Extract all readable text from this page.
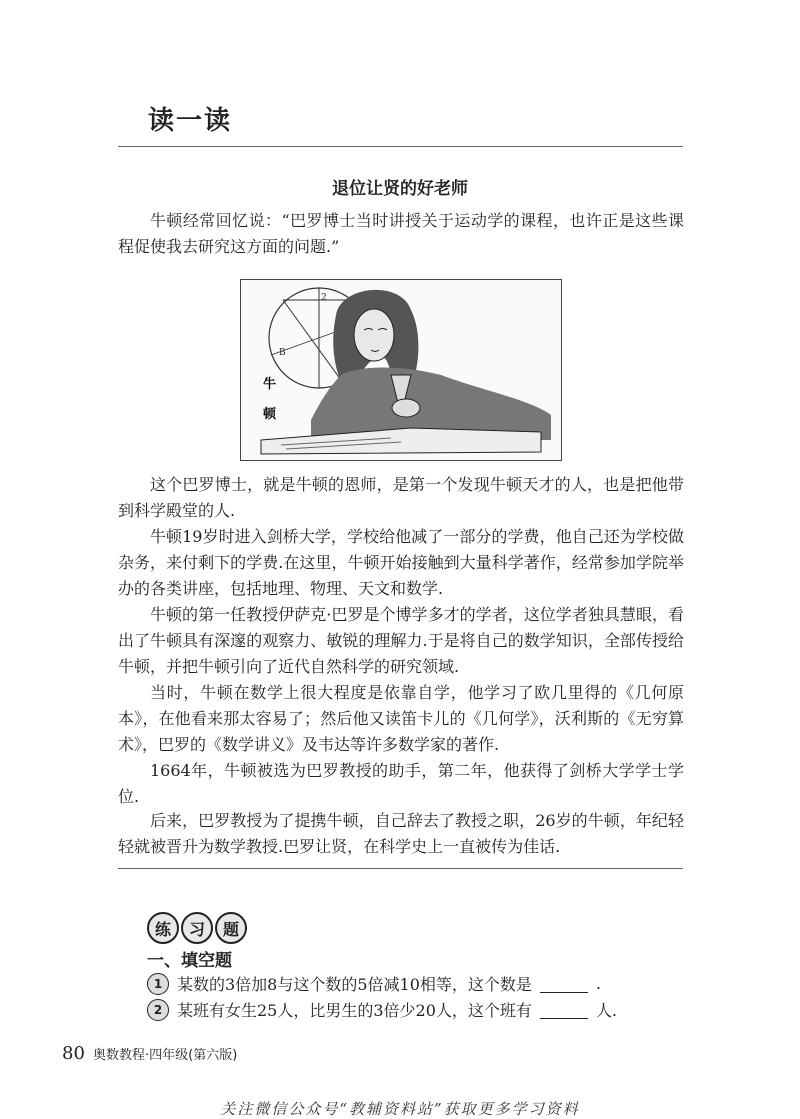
读一读
退位让贤的好老师

牛顿经常回忆说：“巴罗博士当时讲授关于运动学的课程，也许正是这些课程促使我去研究这方面的问题.”

B
2
牛
顿

这个巴罗博士，就是牛顿的恩师，是第一个发现牛顿天才的人，也是把他带到科学殿堂的人.

牛顿19岁时进入剑桥大学，学校给他减了一部分的学费，他自己还为学校做杂务，来付剩下的学费.在这里，牛顿开始接触到大量科学著作，经常参加学院举办的各类讲座，包括地理、物理、天文和数学.

牛顿的第一任教授伊萨克·巴罗是个博学多才的学者，这位学者独具慧眼，看出了牛顿具有深邃的观察力、敏锐的理解力.于是将自己的数学知识，全部传授给牛顿，并把牛顿引向了近代自然科学的研究领域.

当时，牛顿在数学上很大程度是依靠自学，他学习了欧几里得的《几何原本》，在他看来那太容易了；然后他又读笛卡儿的《几何学》，沃利斯的《无穷算术》，巴罗的《数学讲义》及韦达等许多数学家的著作.

1664年，牛顿被选为巴罗教授的助手，第二年，他获得了剑桥大学学士学位.

后来，巴罗教授为了提携牛顿，自己辞去了教授之职，26岁的牛顿，年纪轻轻就被晋升为数学教授.巴罗让贤，在科学史上一直被传为佳话.

练	习	题
一、填空题
1 某数的3倍加8与这个数的5倍减10相等，这个数是	.
2 某班有女生25人，比男生的3倍少20人，这个班有	人.
80 奥数教程·四年级(第六版)
关注微信公众号“教辅资料站”获取更多学习资料
